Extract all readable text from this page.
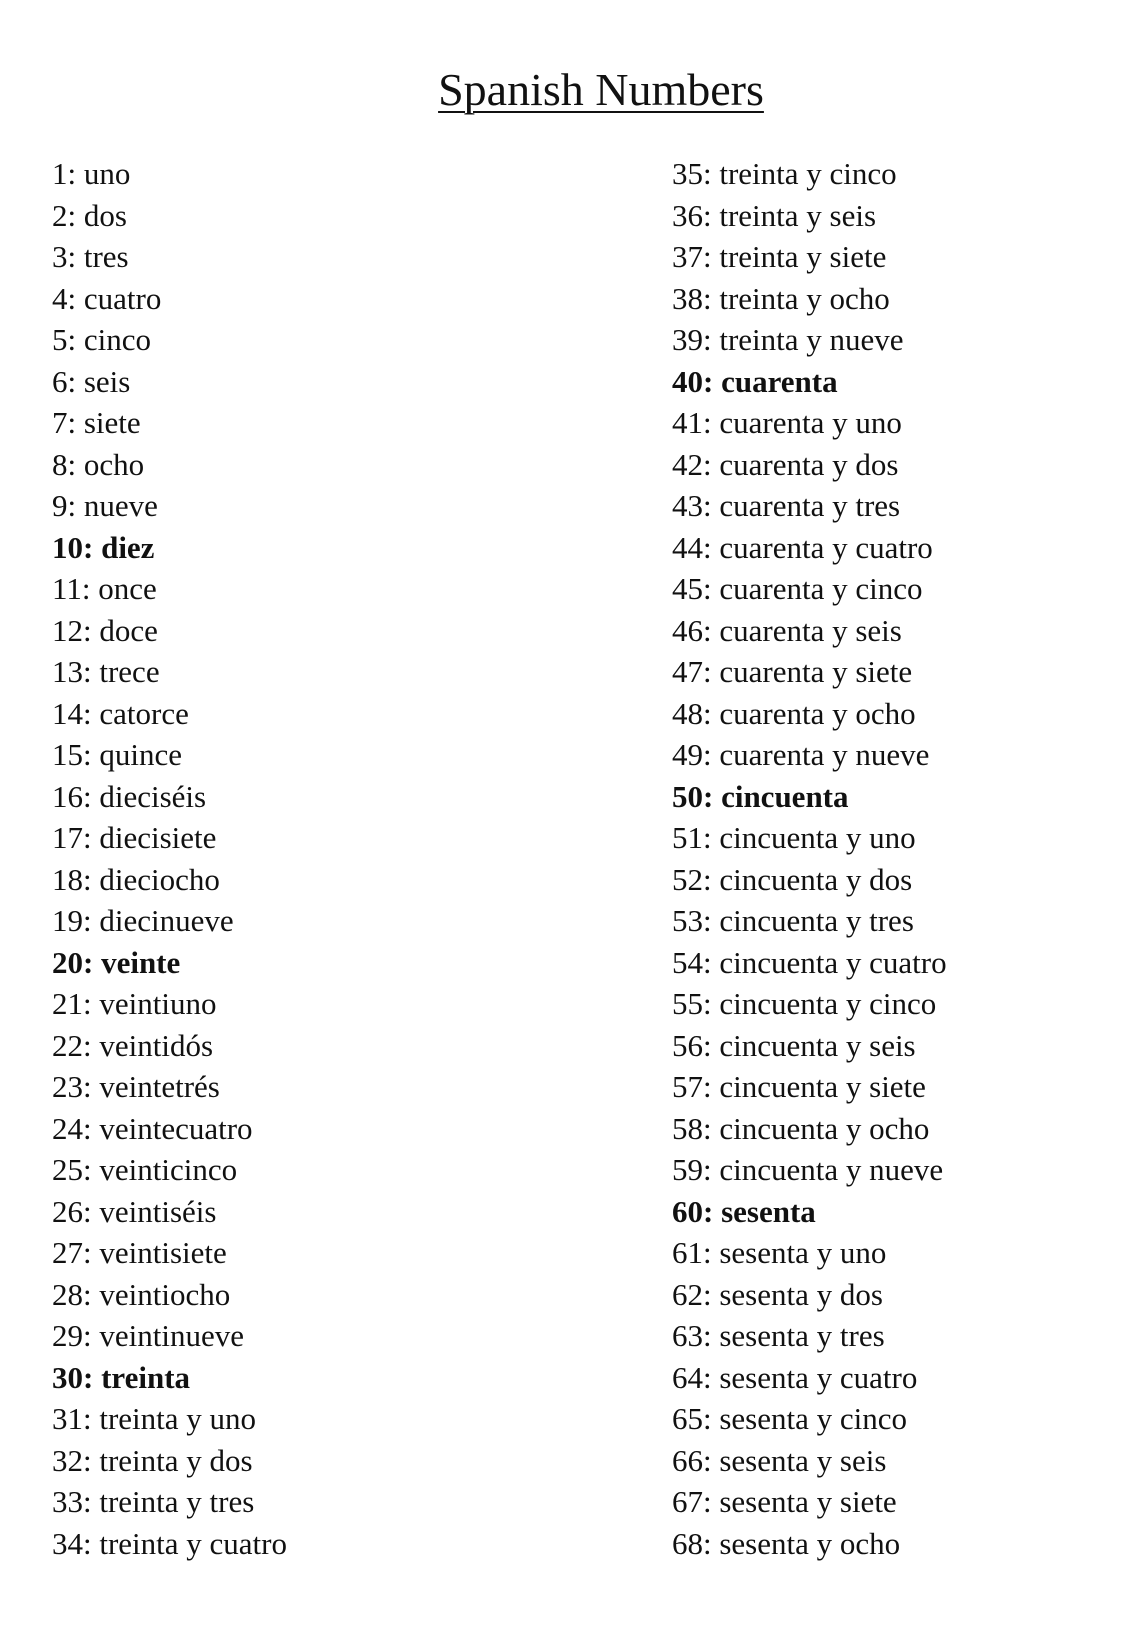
Spanish Numbers
1: uno
2: dos
3: tres
4: cuatro
5: cinco
6: seis
7: siete
8: ocho
9: nueve
10: diez
11: once
12: doce
13: trece
14: catorce
15: quince
16: dieciséis
17: diecisiete
18: dieciocho
19: diecinueve
20: veinte
21: veintiuno
22: veintidós
23: veintetrés
24: veintecuatro
25: veinticinco
26: veintiséis
27: veintisiete
28: veintiocho
29: veintinueve
30: treinta
31: treinta y uno
32: treinta y dos
33: treinta y tres
34: treinta y cuatro
35: treinta y cinco
36: treinta y seis
37: treinta y siete
38: treinta y ocho
39: treinta y nueve
40: cuarenta
41: cuarenta y uno
42: cuarenta y dos
43: cuarenta y tres
44: cuarenta y cuatro
45: cuarenta y cinco
46: cuarenta y seis
47: cuarenta y siete
48: cuarenta y ocho
49: cuarenta y nueve
50: cincuenta
51: cincuenta y uno
52: cincuenta y dos
53: cincuenta y tres
54: cincuenta y cuatro
55: cincuenta y cinco
56: cincuenta y seis
57: cincuenta y siete
58: cincuenta y ocho
59: cincuenta y nueve
60: sesenta
61: sesenta y uno
62: sesenta y dos
63: sesenta y tres
64: sesenta y cuatro
65: sesenta y cinco
66: sesenta y seis
67: sesenta y siete
68: sesenta y ocho
